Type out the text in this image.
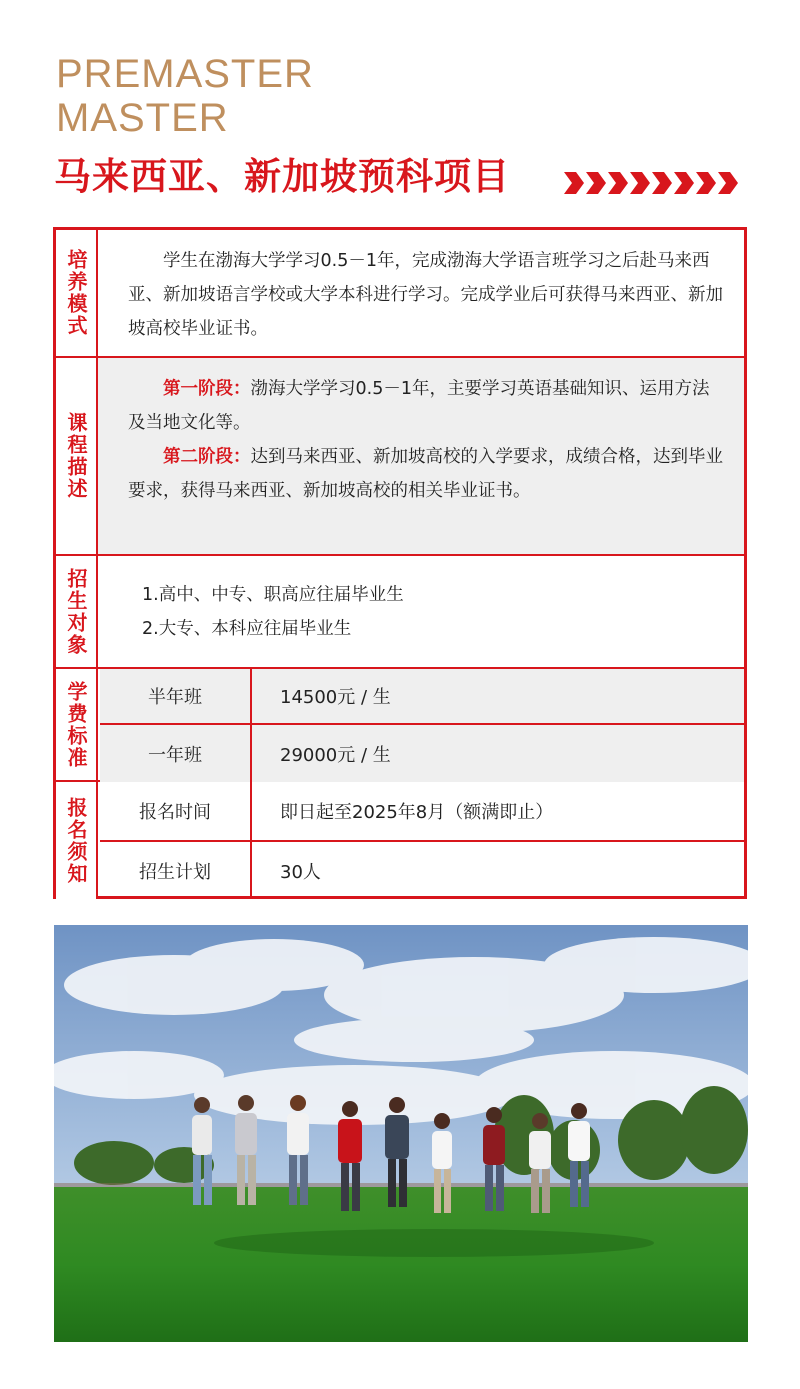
PREMASTER
MASTER
马来西亚、新加坡预科项目
培养模式	学生在渤海大学学习0.5－1年，完成渤海大学语言班学习之后赴马来西亚、新加坡语言学校或大学本科进行学习。完成学业后可获得马来西亚、新加坡高校毕业证书。

课程描述

第一阶段：渤海大学学习0.5－1年，主要学习英语基础知识、运用方法及当地文化等。

第二阶段：达到马来西亚、新加坡高校的入学要求，成绩合格，达到毕业要求，获得马来西亚、新加坡高校的相关毕业证书。

招生对象	1.高中、中专、职高应往届毕业生
2.大专、本科应往届毕业生
学费标准	半年班	14500元 / 生
一年班	29000元 / 生
报名须知	报名时间	即日起至2025年8月（额满即止）
招生计划	30人
